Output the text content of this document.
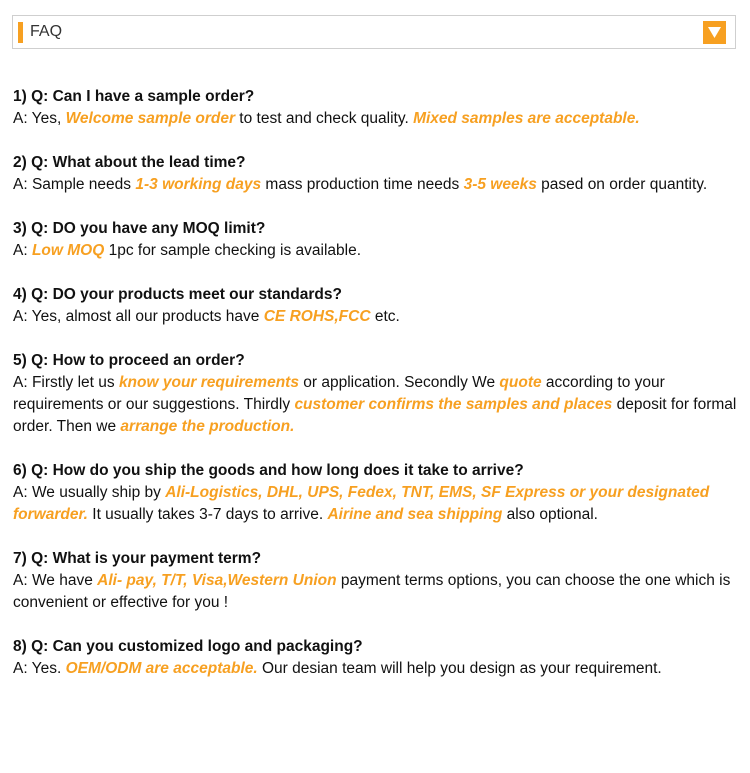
FAQ
1) Q: Can I have a sample order?
A: Yes, Welcome sample order to test and check quality. Mixed samples are acceptable.
2) Q: What about the lead time?
A: Sample needs 1-3 working days mass production time needs 3-5 weeks pased on order quantity.
3) Q: DO you have any MOQ limit?
A: Low MOQ 1pc for sample checking is available.
4) Q: DO your products meet our standards?
A: Yes, almost all our products have CE ROHS,FCC etc.
5) Q: How to proceed an order?
A: Firstly let us know your requirements or application. Secondly We quote according to your requirements or our suggestions. Thirdly customer confirms the samples and places deposit for formal order. Then we arrange the production.
6) Q: How do you ship the goods and how long does it take to arrive?
A: We usually ship by Ali-Logistics, DHL, UPS, Fedex, TNT, EMS, SF Express or your designated forwarder. It usually takes 3-7 days to arrive. Airine and sea shipping also optional.
7) Q: What is your payment term?
A: We have Ali- pay, T/T, Visa,Western Union payment terms options, you can choose the one which is convenient or effective for you !
8) Q: Can you customized logo and packaging?
A: Yes. OEM/ODM are acceptable. Our desian team will help you design as your requirement.
